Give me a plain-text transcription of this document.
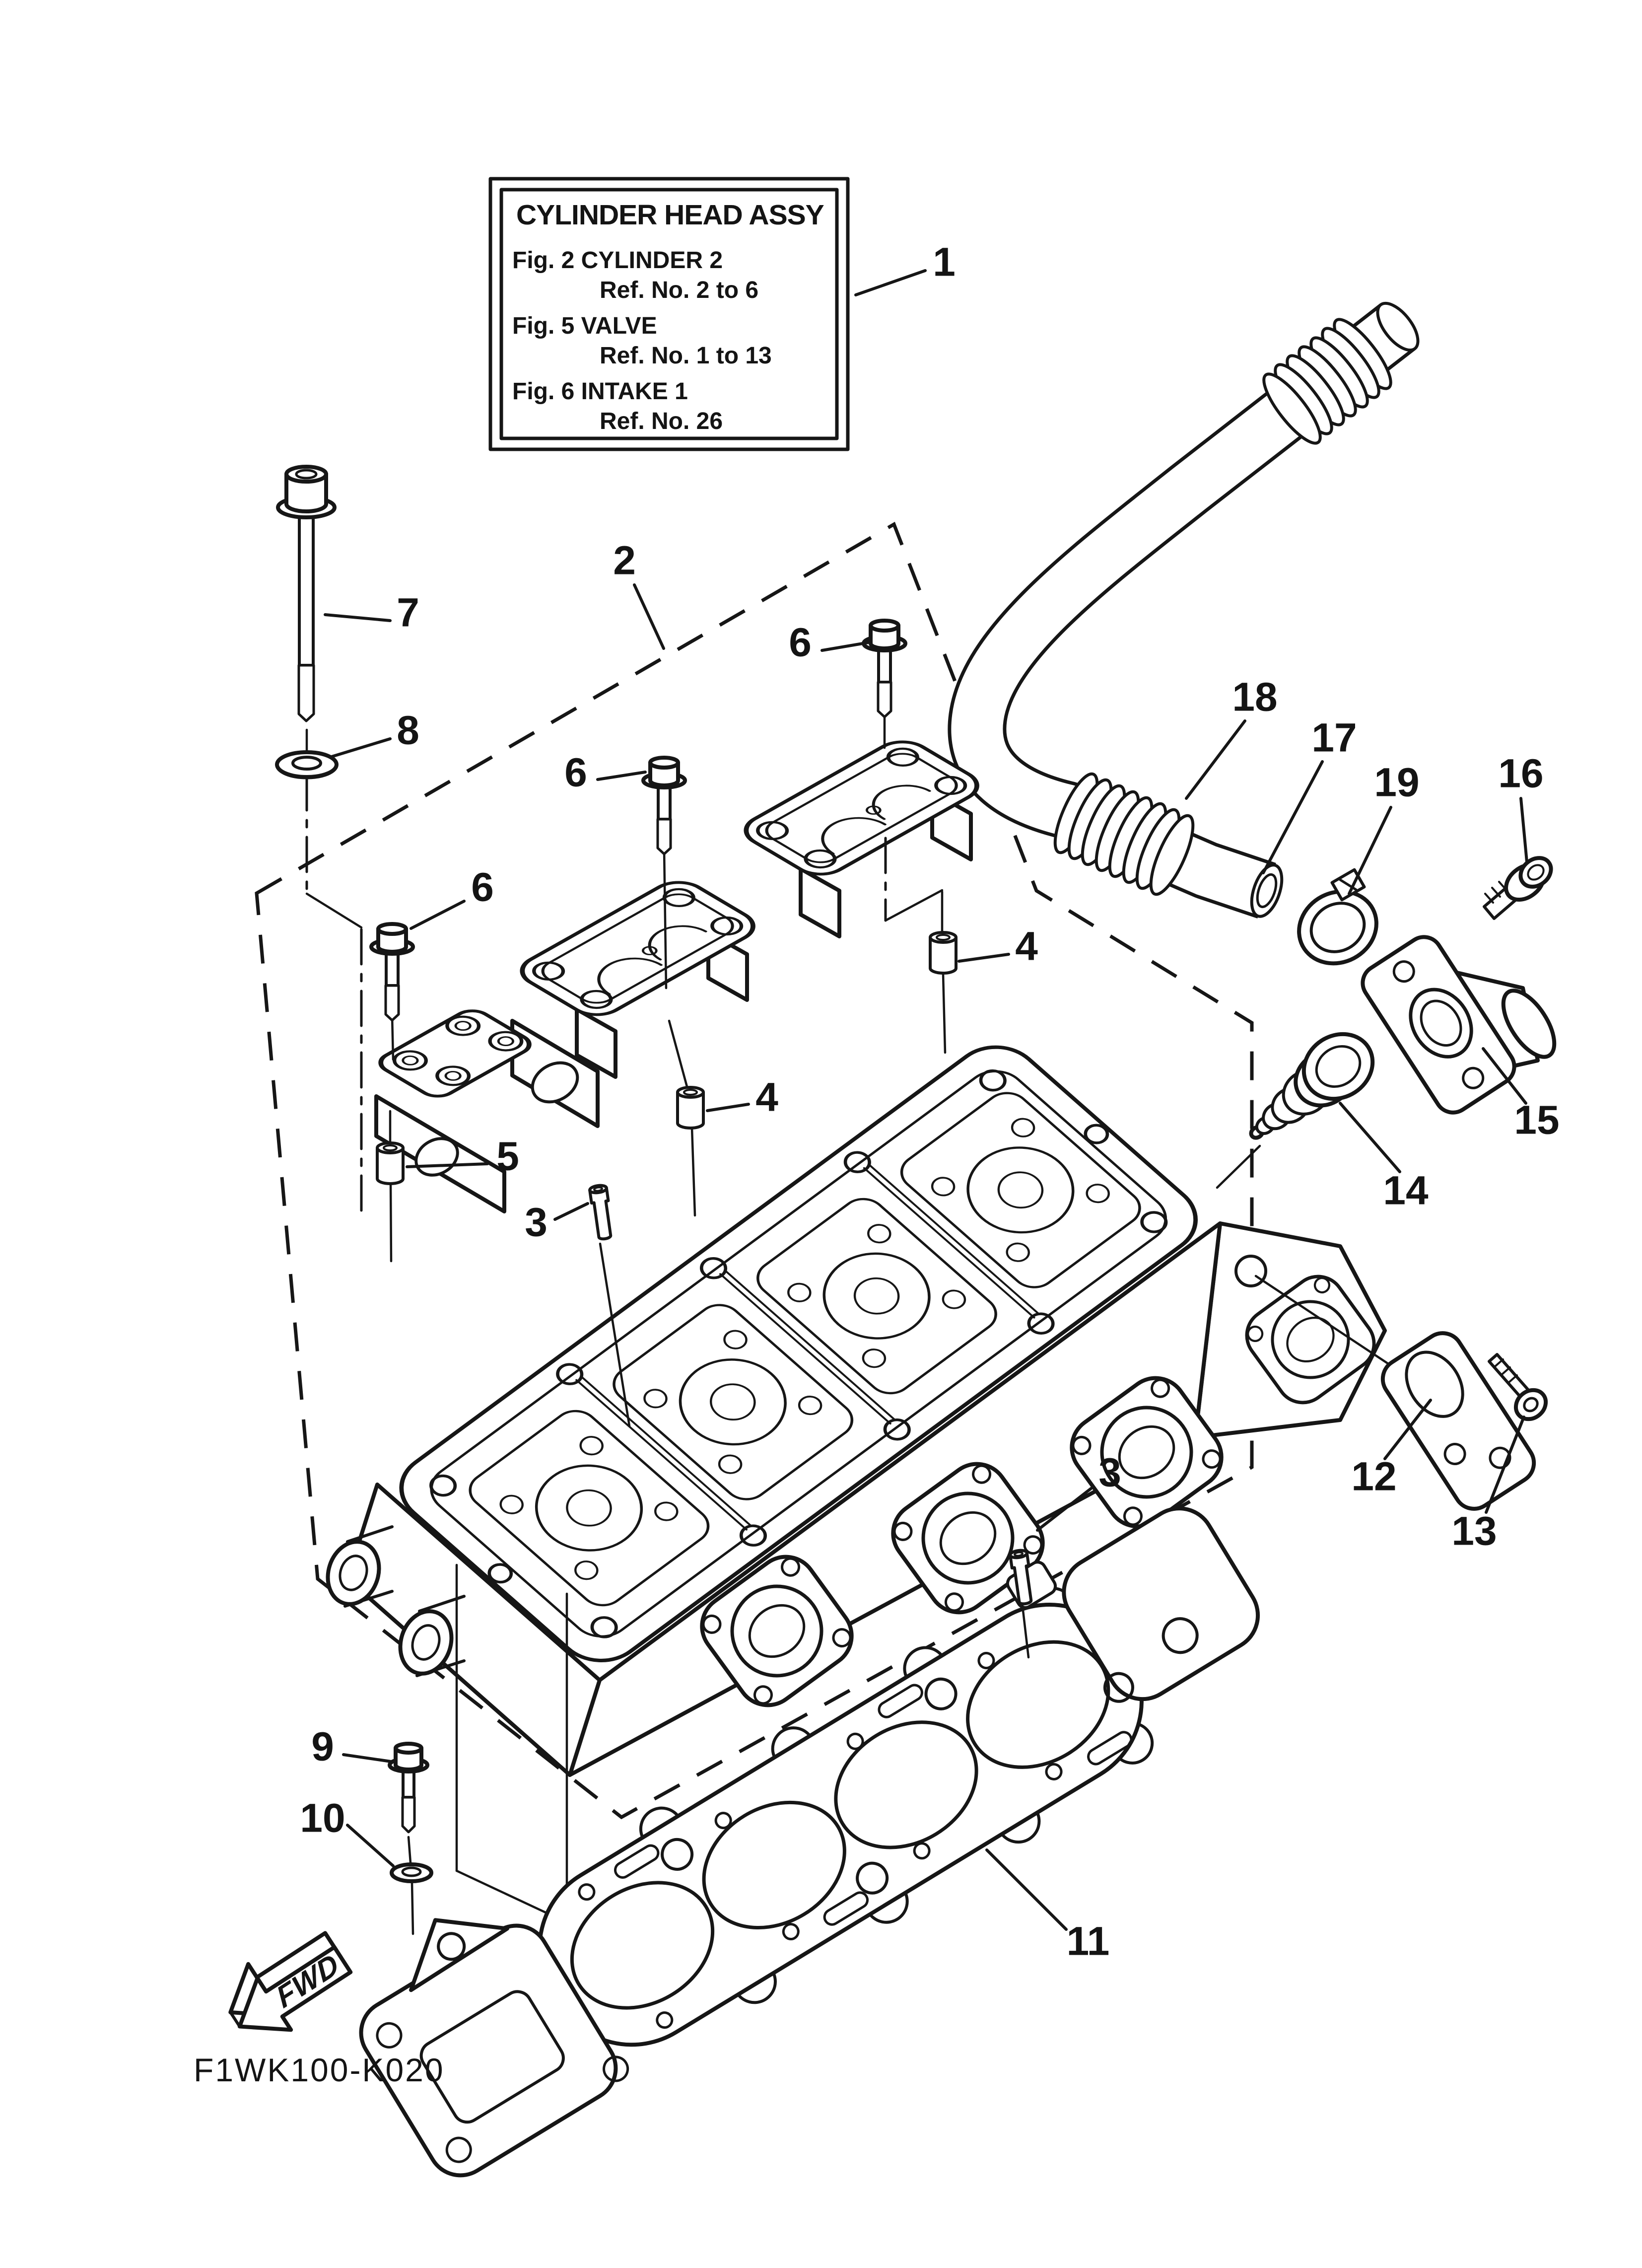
CYLINDER HEAD ASSY
Fig. 2 CYLINDER 2
Ref. No. 2 to 6
Fig. 5 VALVE
Ref. No. 1 to 13
Fig. 6 INTAKE 1
Ref. No. 26
FWD
F1WK100-K020
1
2
7
8
6
6
6
4
4
5
3
3
18
17
19 16
15
14
12
13
9
10
11
